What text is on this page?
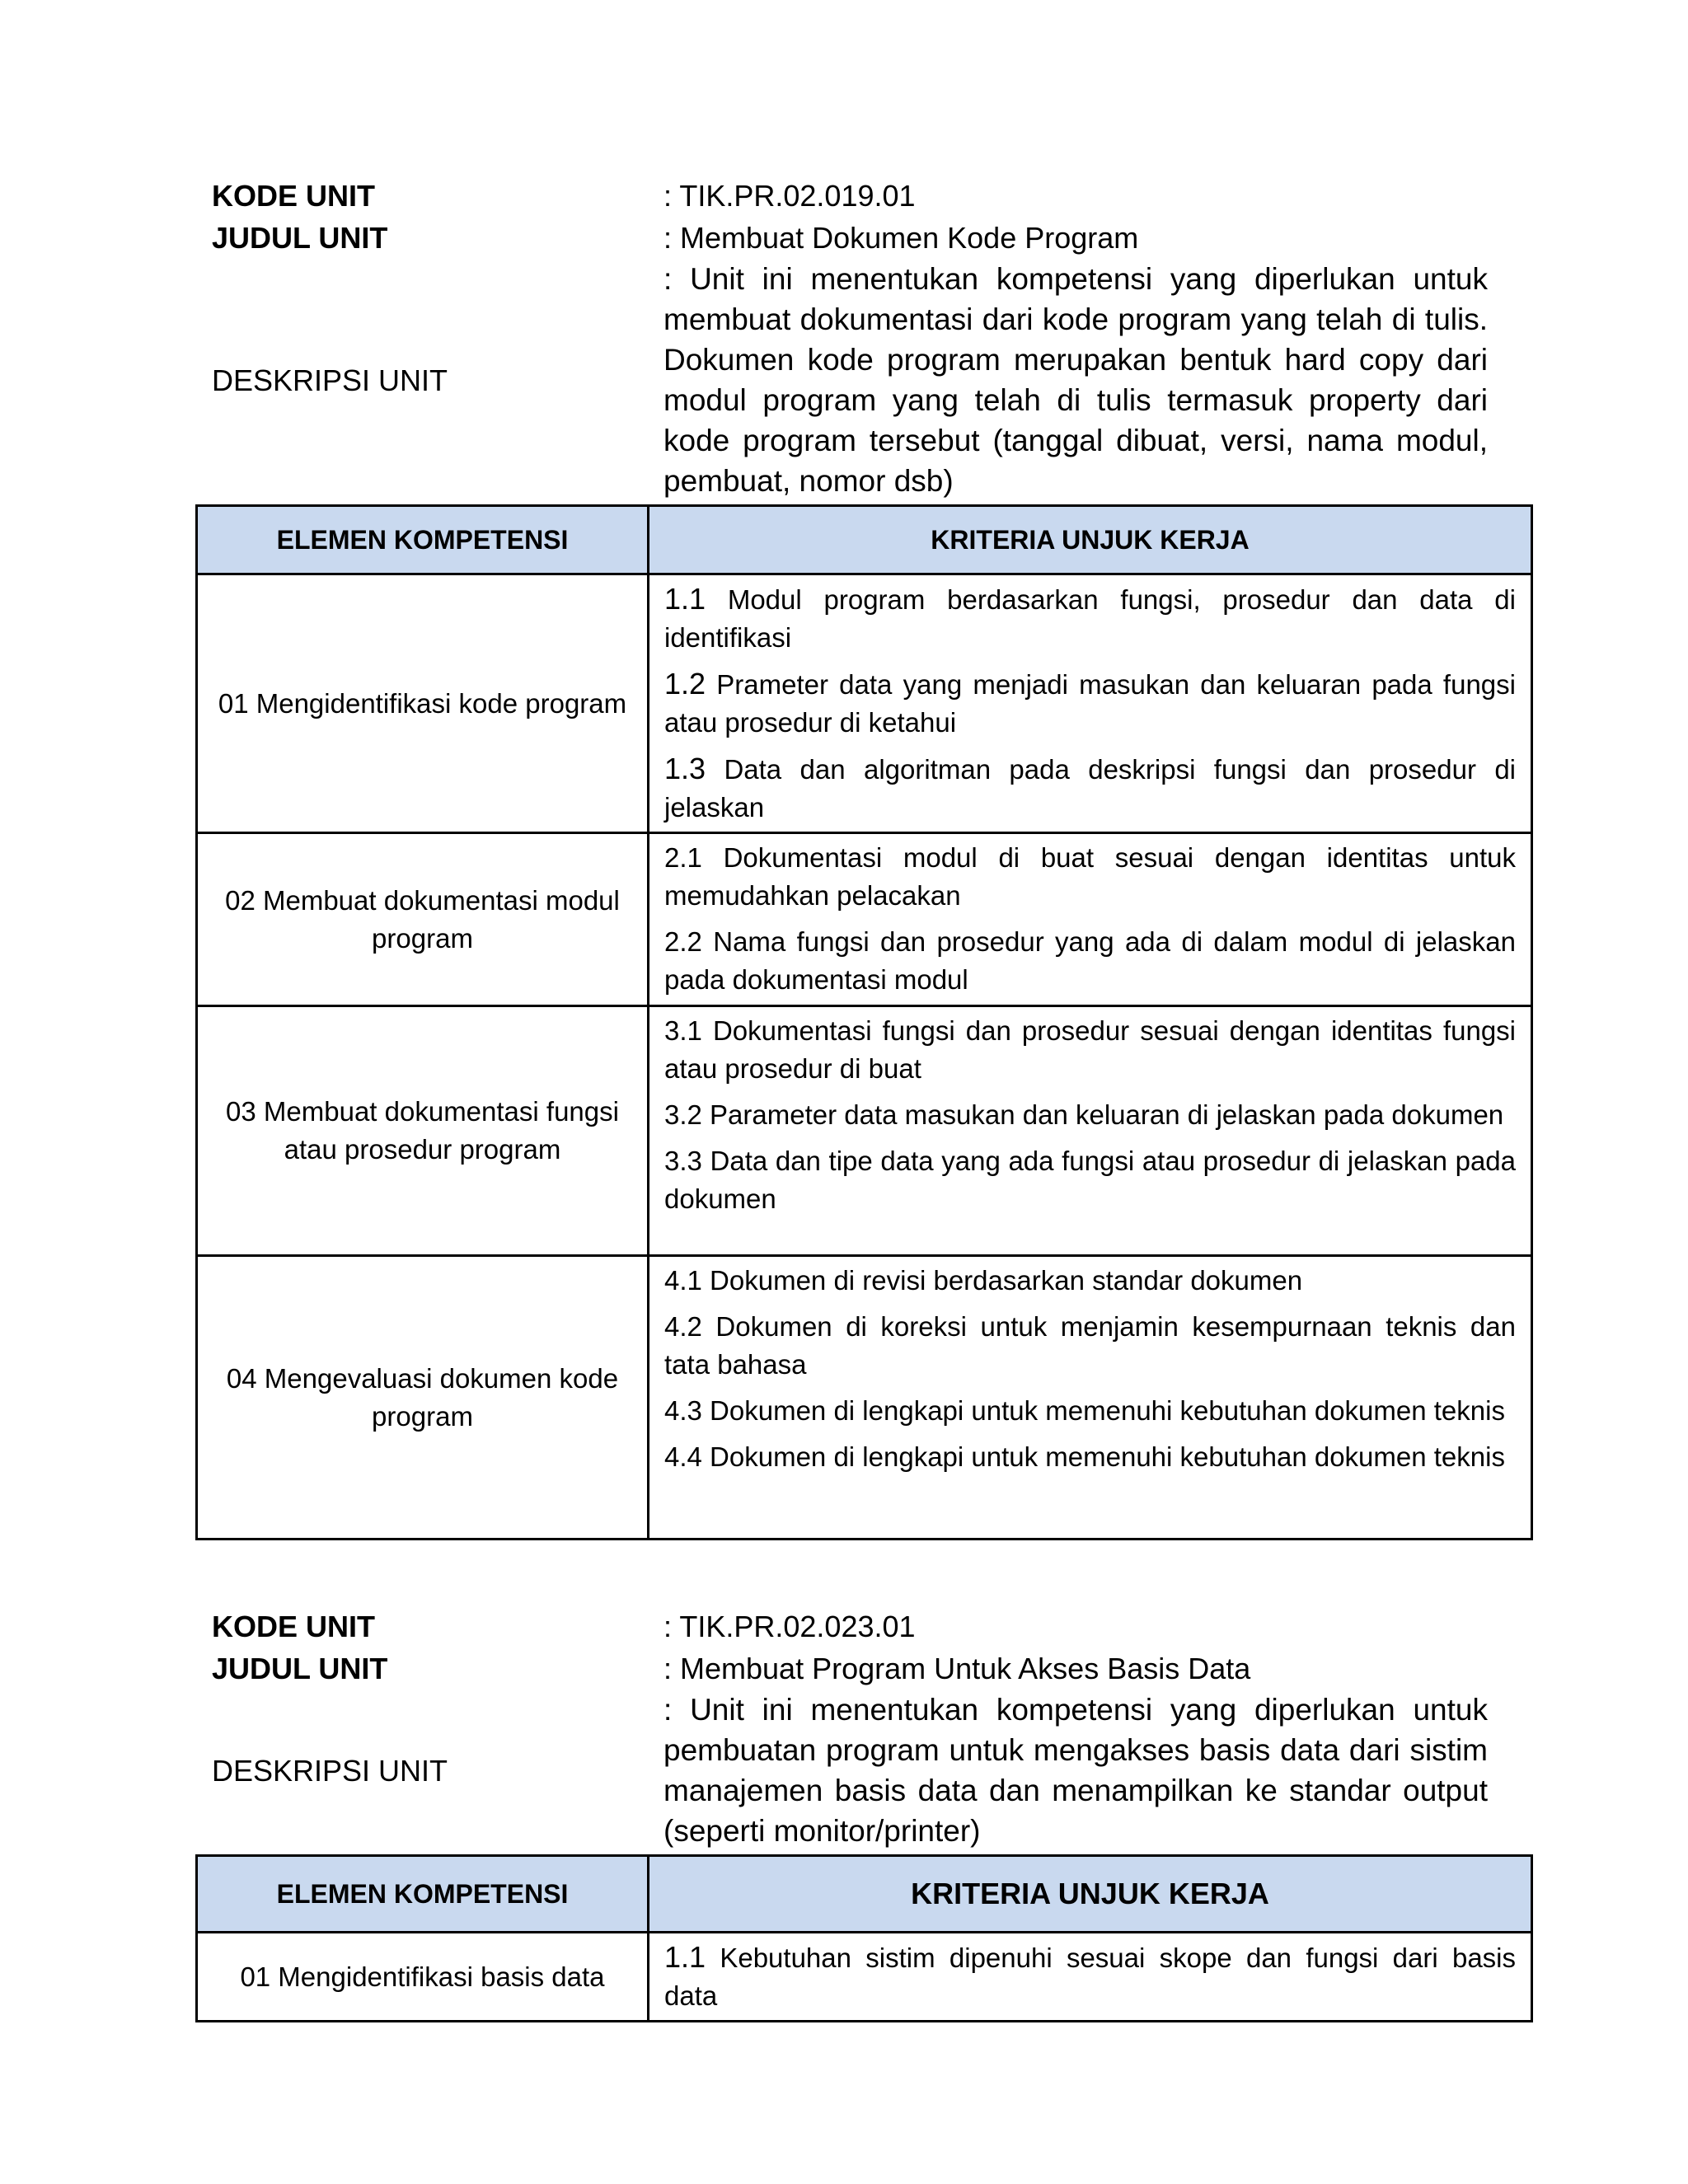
KODE UNIT	: TIK.PR.02.019.01
JUDUL UNIT	: Membuat Dokumen Kode Program
DESKRIPSI UNIT
: Unit ini menentukan kompetensi yang diperlukan untuk membuat dokumentasi dari kode program yang telah di tulis. Dokumen kode program merupakan bentuk hard copy dari modul program yang telah di tulis termasuk property dari kode program tersebut (tanggal dibuat, versi, nama modul, pembuat, nomor dsb)
ELEMEN KOMPETENSI	KRITERIA UNJUK KERJA
01 Mengidentifikasi kode program	1.1 Modul program berdasarkan fungsi, prosedur dan data di identifikasi
1.2 Prameter data yang menjadi masukan dan keluaran pada fungsi atau prosedur di ketahui
1.3 Data dan algoritman pada deskripsi fungsi dan prosedur di jelaskan

02 Membuat dokumentasi modul program	2.1 Dokumentasi modul di buat sesuai dengan identitas untuk memudahkan pelacakan
2.2 Nama fungsi dan prosedur yang ada di dalam modul di jelaskan pada dokumentasi modul

03 Membuat dokumentasi fungsi atau prosedur program	3.1 Dokumentasi fungsi dan prosedur sesuai dengan identitas fungsi atau prosedur di buat
3.2 Parameter data masukan dan keluaran di jelaskan pada dokumen
3.3 Data dan tipe data yang ada fungsi atau prosedur di jelaskan pada dokumen

04 Mengevaluasi dokumen kode program	4.1 Dokumen di revisi berdasarkan standar dokumen
4.2 Dokumen di koreksi untuk menjamin kesempurnaan teknis dan tata bahasa
4.3 Dokumen di lengkapi untuk memenuhi kebutuhan dokumen teknis
4.4 Dokumen di lengkapi untuk memenuhi kebutuhan dokumen teknis
KODE UNIT	: TIK.PR.02.023.01
JUDUL UNIT	: Membuat Program Untuk Akses Basis Data
DESKRIPSI UNIT
: Unit ini menentukan kompetensi yang diperlukan untuk pembuatan program untuk mengakses basis data dari sistim manajemen basis data dan menampilkan ke standar output (seperti monitor/printer)
ELEMEN KOMPETENSI	KRITERIA UNJUK KERJA
01 Mengidentifikasi basis data	1.1 Kebutuhan sistim dipenuhi sesuai skope dan fungsi dari basis data
